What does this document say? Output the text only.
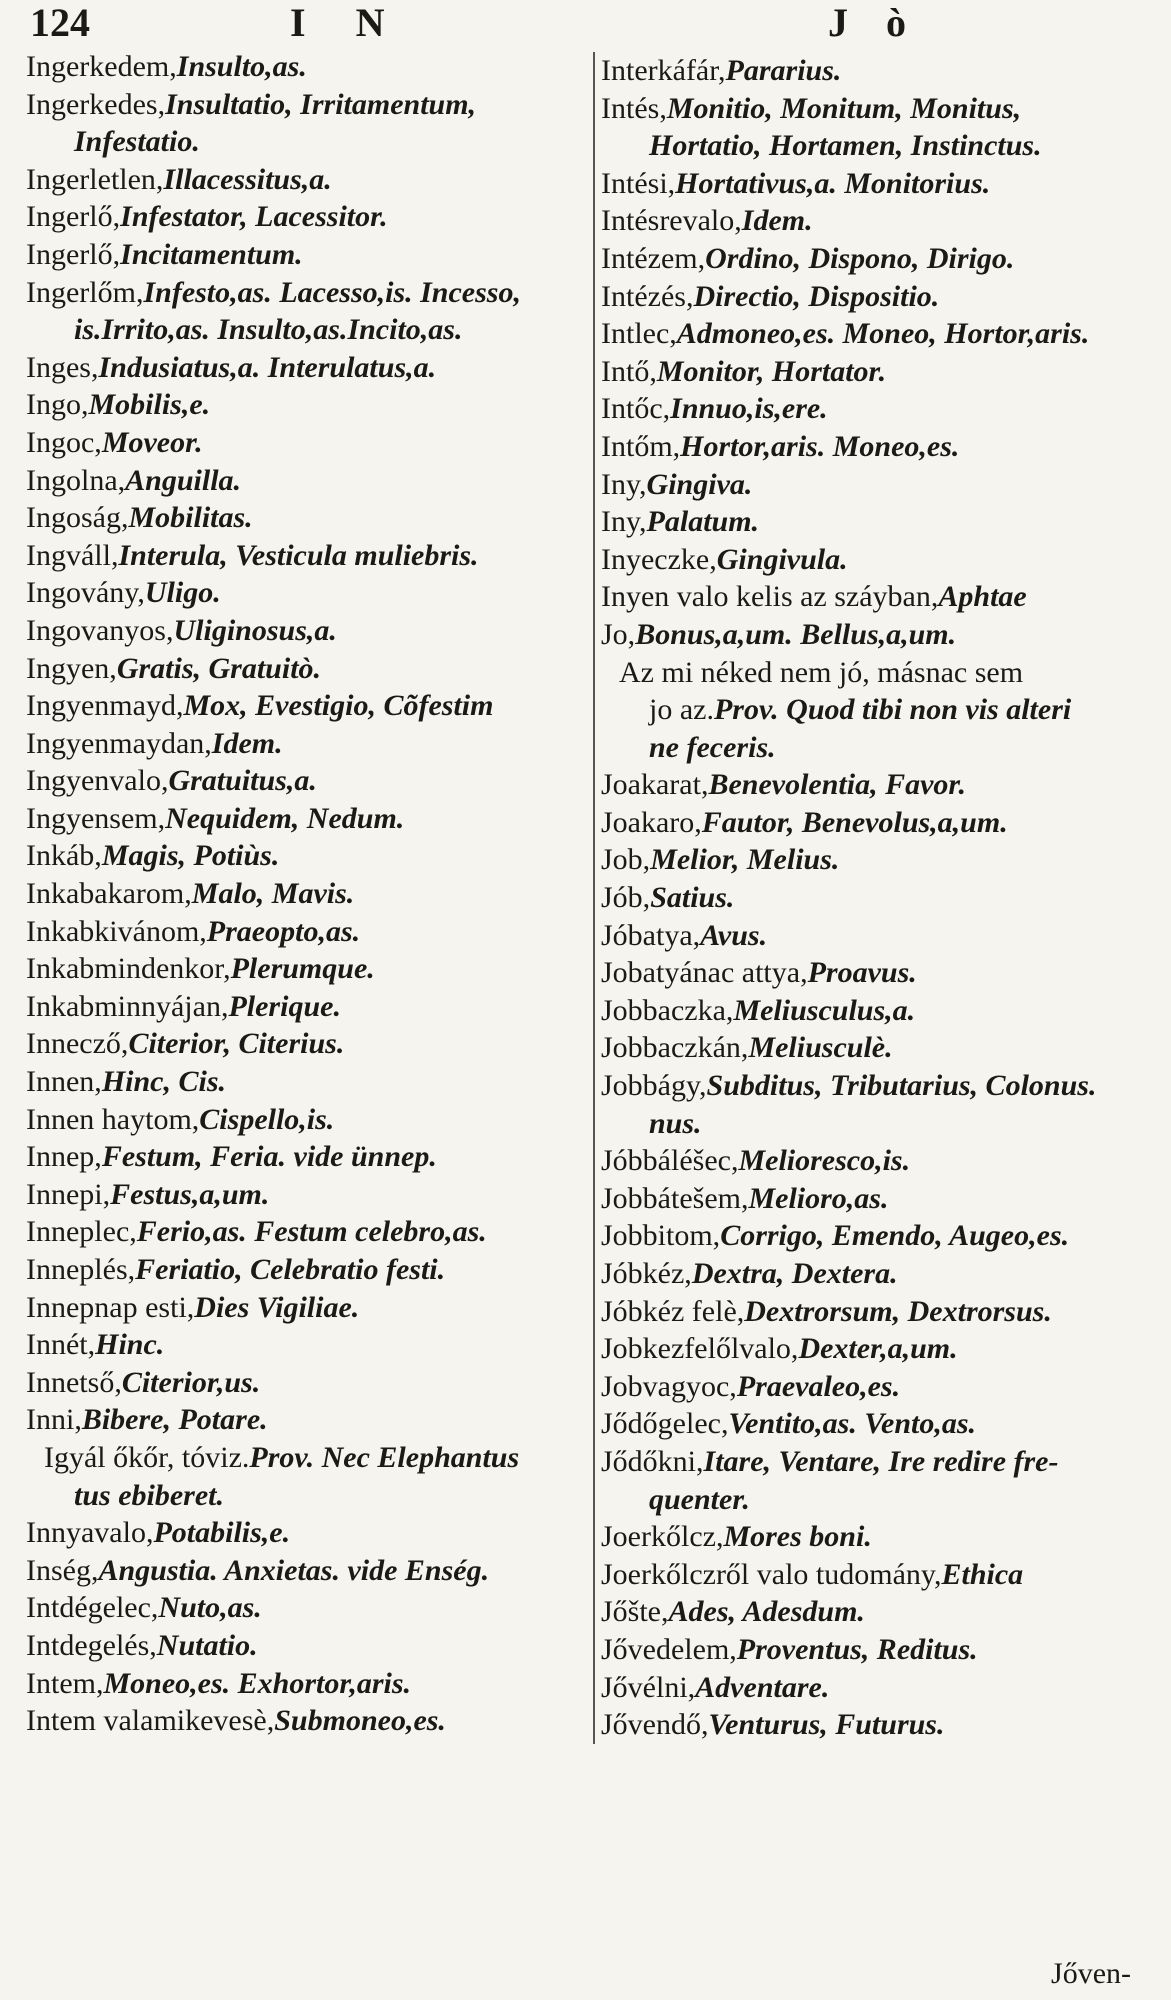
124	I N	J ò
Ingerkedem,Insulto,as.
Ingerkedes,Insultatio, Irritamentum,
Infestatio.
Ingerletlen,Illacessitus,a.
Ingerlő,Infestator, Lacessitor.
Ingerlő,Incitamentum.
Ingerlőm,Infesto,as. Lacesso,is. Incesso,
is.Irrito,as. Insulto,as.Incito,as.
Inges,Indusiatus,a. Interulatus,a.
Ingo,Mobilis,e.
Ingoc,Moveor.
Ingolna,Anguilla.
Ingoság,Mobilitas.
Ingváll,Interula, Vesticula muliebris.
Ingovány,Uligo.
Ingovanyos,Uliginosus,a.
Ingyen,Gratis, Gratuitò.
Ingyenmayd,Mox, Evestigio, Cõfestim
Ingyenmaydan,Idem.
Ingyenvalo,Gratuitus,a.
Ingyensem,Nequidem, Nedum.
Inkáb,Magis, Potiùs.
Inkabakarom,Malo, Mavis.
Inkabkivánom,Praeopto,as.
Inkabmindenkor,Plerumque.
Inkabminnyájan,Plerique.
Innecző,Citerior, Citerius.
Innen,Hinc, Cis.
Innen haytom,Cispello,is.
Innep,Festum, Feria. vide ünnep.
Innepi,Festus,a,um.
Inneplec,Ferio,as. Festum celebro,as.
Inneplés,Feriatio, Celebratio festi.
Innepnap esti,Dies Vigiliae.
Innét,Hinc.
Innetső,Citerior,us.
Inni,Bibere, Potare.
Igyál őkőr, tóviz.Prov. Nec Elephantus
tus ebiberet.
Innyavalo,Potabilis,e.
Inség,Angustia. Anxietas. vide Enség.
Intdégelec,Nuto,as.
Intdegelés,Nutatio.
Intem,Moneo,es. Exhortor,aris.
Intem valamikevesè,Submoneo,es.
Interkáfár,Pararius.
Intés,Monitio, Monitum, Monitus,
Hortatio, Hortamen, Instinctus.
Intési,Hortativus,a. Monitorius.
Intésrevalo,Idem.
Intézem,Ordino, Dispono, Dirigo.
Intézés,Directio, Dispositio.
Intlec,Admoneo,es. Moneo, Hortor,aris.
Intő,Monitor, Hortator.
Intőc,Innuo,is,ere.
Intőm,Hortor,aris. Moneo,es.
Iny,Gingiva.
Iny,Palatum.
Inyeczke,Gingivula.
Inyen valo kelis az száyban,Aphtae
Jo,Bonus,a,um. Bellus,a,um.
Az mi néked nem jó, másnac sem
jo az.Prov. Quod tibi non vis alteri
ne feceris.
Joakarat,Benevolentia, Favor.
Joakaro,Fautor, Benevolus,a,um.
Job,Melior, Melius.
Jób,Satius.
Jóbatya,Avus.
Jobatyánac attya,Proavus.
Jobbaczka,Meliusculus,a.
Jobbaczkán,Meliusculè.
Jobbágy,Subditus, Tributarius, Colonus.
nus.
Jóbbáléšec,Melioresco,is.
Jobbátešem,Melioro,as.
Jobbitom,Corrigo, Emendo, Augeo,es.
Jóbkéz,Dextra, Dextera.
Jóbkéz felè,Dextrorsum, Dextrorsus.
Jobkezfelőlvalo,Dexter,a,um.
Jobvagyoc,Praevaleo,es.
Jődőgelec,Ventito,as. Vento,as.
Jődőkni,Itare, Ventare, Ire redire fre-
quenter.
Joerkőlcz,Mores boni.
Joerkőlczről valo tudomány,Ethica
Jőšte,Ades, Adesdum.
Jővedelem,Proventus, Reditus.
Jővélni,Adventare.
Jővendő,Venturus, Futurus.
Jőven-
